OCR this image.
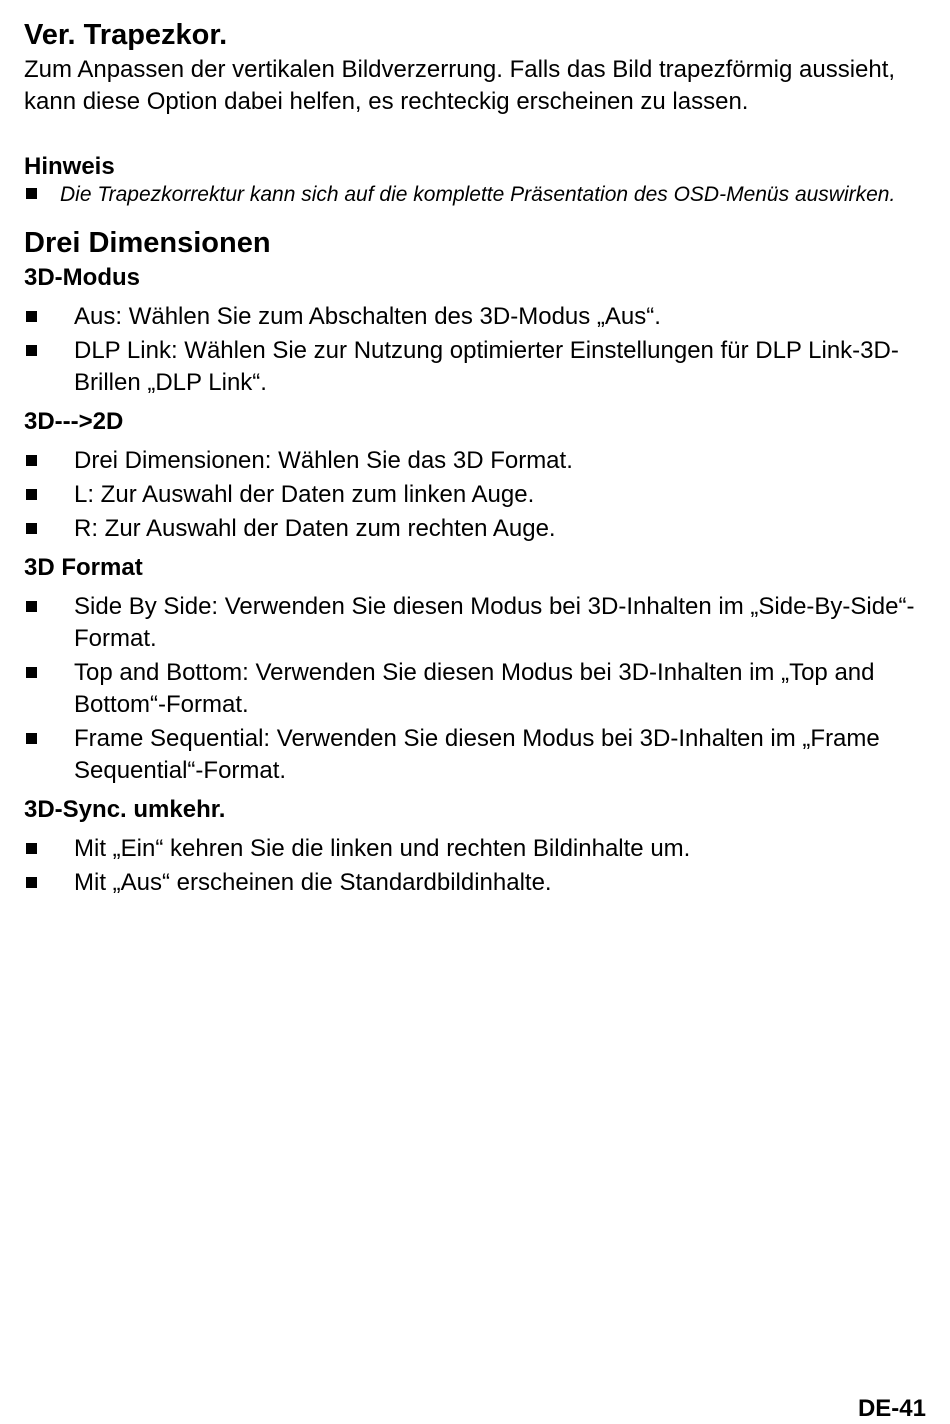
Ver. Trapezkor.

Zum Anpassen der vertikalen Bildverzerrung. Falls das Bild trapezförmig aussieht, kann diese Option dabei helfen, es rechteckig erscheinen zu lassen.

Hinweis
Die Trapezkorrektur kann sich auf die komplette Präsentation des OSD-Menüs auswirken.
Drei Dimensionen
3D-Modus
Aus: Wählen Sie zum Abschalten des 3D-Modus „Aus“.
DLP Link: Wählen Sie zur Nutzung optimierter Einstellungen für DLP Link-3D-Brillen „DLP Link“.
3D--->2D
Drei Dimensionen: Wählen Sie das 3D Format.
L: Zur Auswahl der Daten zum linken Auge.
R: Zur Auswahl der Daten zum rechten Auge.
3D Format
Side By Side: Verwenden Sie diesen Modus bei 3D-Inhalten im „Side-By-Side“-Format.
Top and Bottom: Verwenden Sie diesen Modus bei 3D-Inhalten im „Top and Bottom“-Format.
Frame Sequential: Verwenden Sie diesen Modus bei 3D-Inhalten im „Frame Sequential“-Format.
3D-Sync. umkehr.
Mit „Ein“ kehren Sie die linken und rechten Bildinhalte um.
Mit „Aus“ erscheinen die Standardbildinhalte.
DE-41
